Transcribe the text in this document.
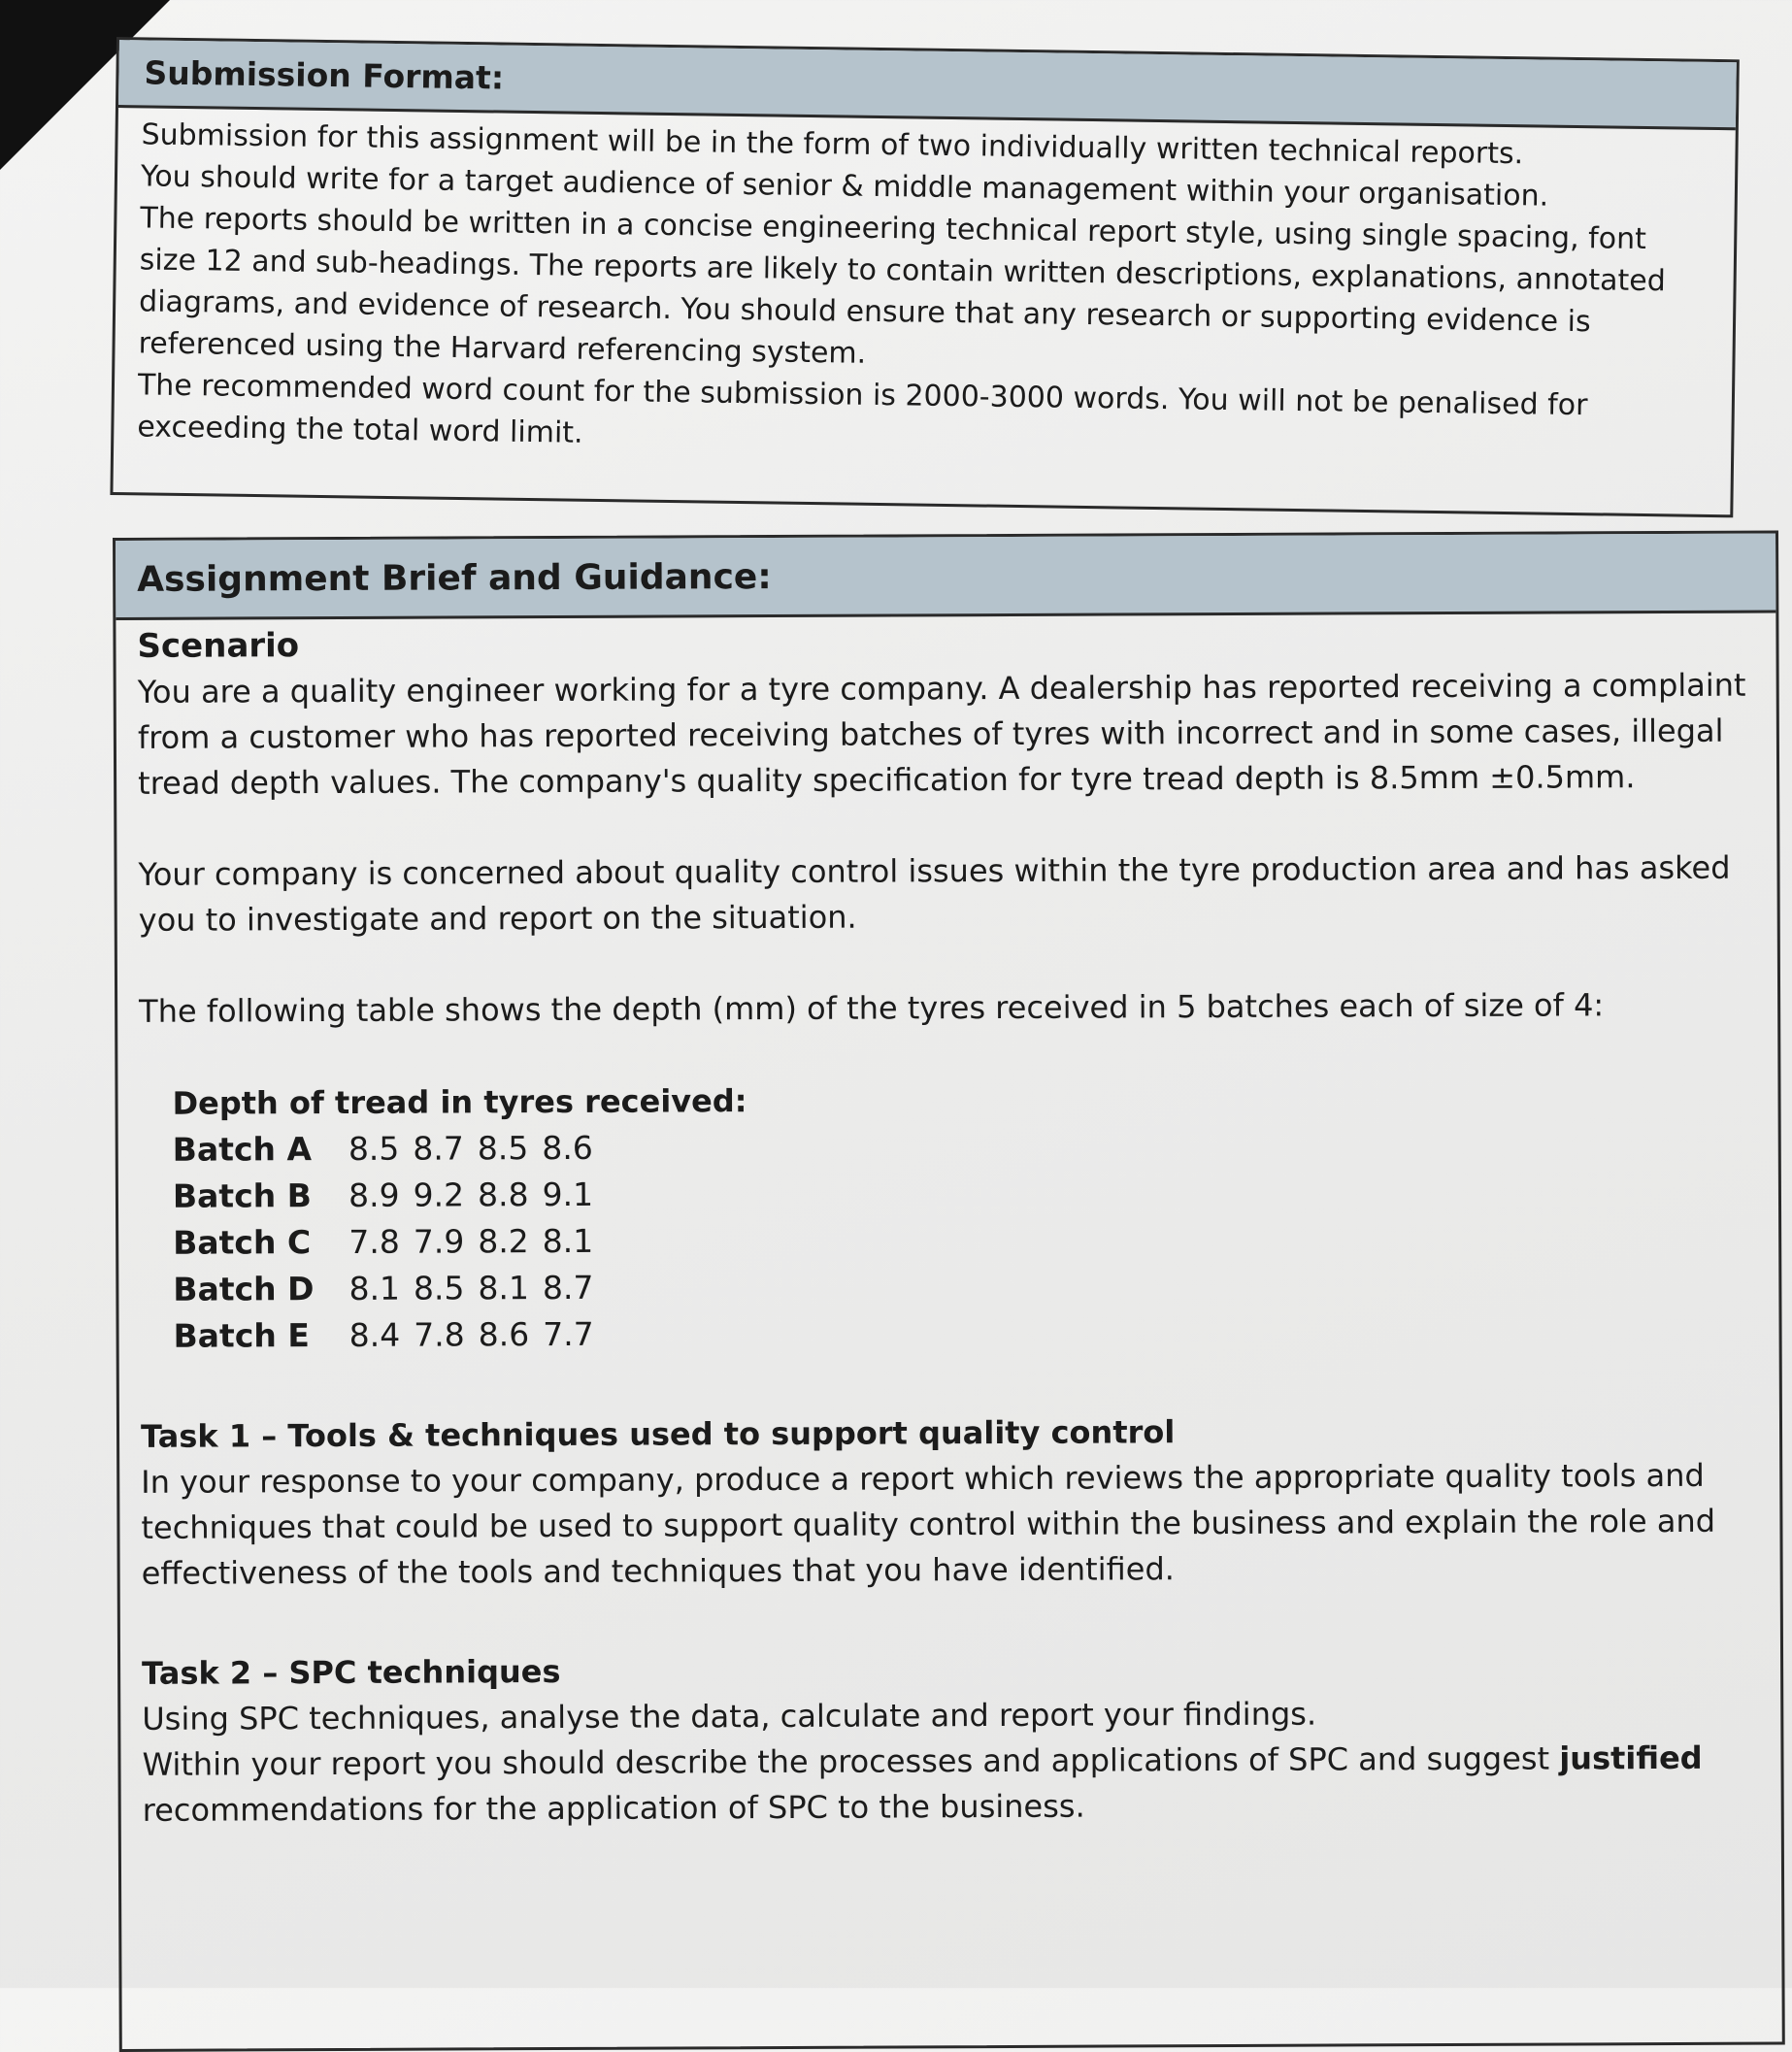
Submission Format:

Submission for this assignment will be in the form of two individually written technical reports.

You should write for a target audience of senior & middle management within your organisation.

The reports should be written in a concise engineering technical report style, using single spacing, font size 12 and sub-headings. The reports are likely to contain written descriptions, explanations, annotated diagrams, and evidence of research. You should ensure that any research or supporting evidence is referenced using the Harvard referencing system.

The recommended word count for the submission is 2000-3000 words. You will not be penalised for exceeding the total word limit.

Assignment Brief and Guidance:

Scenario

You are a quality engineer working for a tyre company. A dealership has reported receiving a complaint from a customer who has reported receiving batches of tyres with incorrect and in some cases, illegal tread depth values. The company's quality specification for tyre tread depth is 8.5mm ±0.5mm.

Your company is concerned about quality control issues within the tyre production area and has asked you to investigate and report on the situation.

The following table shows the depth (mm) of the tyres received in 5 batches each of size of 4:

Depth of tread in tyres received:

Batch A	8.5	8.7	8.5	8.6
Batch B	8.9	9.2	8.8	9.1
Batch C	7.8	7.9	8.2	8.1
Batch D	8.1	8.5	8.1	8.7
Batch E	8.4	7.8	8.6	7.7

Task 1 – Tools & techniques used to support quality control

In your response to your company, produce a report which reviews the appropriate quality tools and techniques that could be used to support quality control within the business and explain the role and effectiveness of the tools and techniques that you have identified.

Task 2 – SPC techniques

Using SPC techniques, analyse the data, calculate and report your findings.

Within your report you should describe the processes and applications of SPC and suggest justified recommendations for the application of SPC to the business.
